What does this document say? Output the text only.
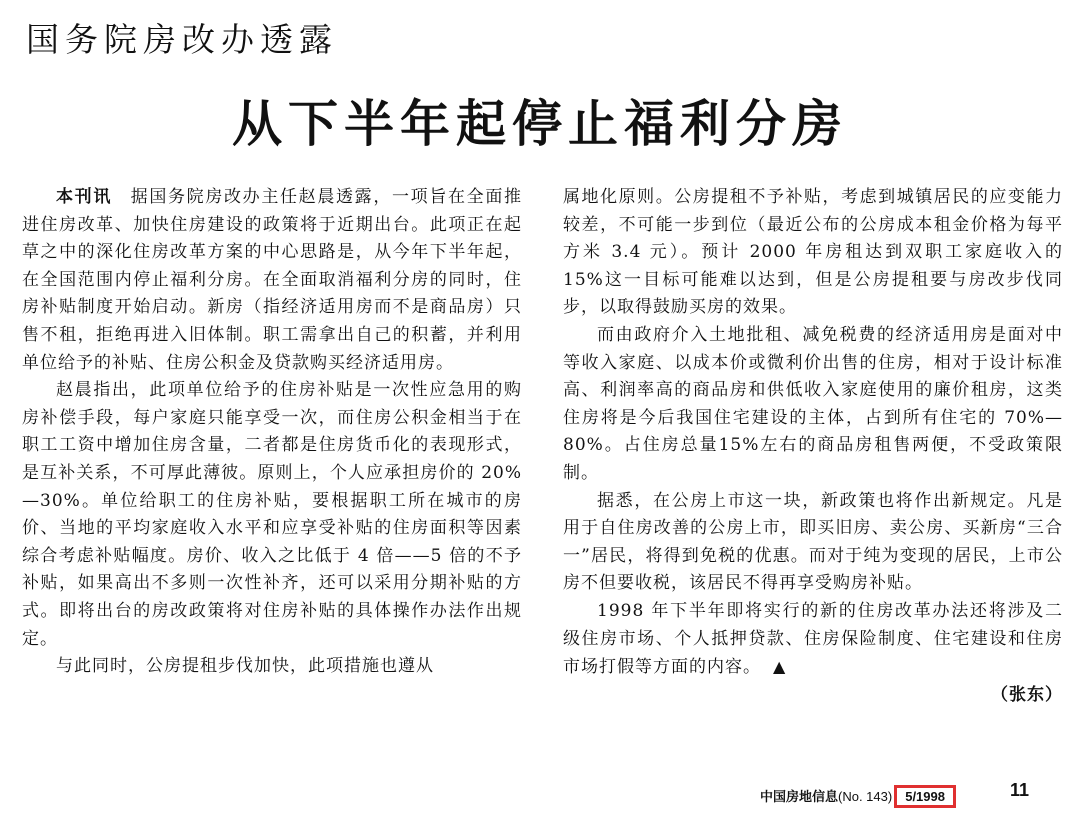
国务院房改办透露
从下半年起停止福利分房

本刊讯　 据国务院房改办主任赵晨透露，一项旨在全面推进住房改革、加快住房建设的政策将于近期出台。此项正在起草之中的深化住房改革方案的中心思路是，从今年下半年起，在全国范围内停止福利分房。在全面取消福利分房的同时，住房补贴制度开始启动。新房（指经济适用房而不是商品房）只售不租，拒绝再进入旧体制。职工需拿出自己的积蓄，并利用单位给予的补贴、住房公积金及贷款购买经济适用房。

赵晨指出，此项单位给予的住房补贴是一次性应急用的购房补偿手段，每户家庭只能享受一次，而住房公积金相当于在职工工资中增加住房含量，二者都是住房货币化的表现形式，是互补关系，不可厚此薄彼。原则上，个人应承担房价的 20%—30%。单位给职工的住房补贴，要根据职工所在城市的房价、当地的平均家庭收入水平和应享受补贴的住房面积等因素综合考虑补贴幅度。房价、收入之比低于 4 倍——5 倍的不予补贴，如果高出不多则一次性补齐，还可以采用分期补贴的方式。即将出台的房改政策将对住房补贴的具体操作办法作出规定。

与此同时，公房提租步伐加快，此项措施也遵从

属地化原则。公房提租不予补贴，考虑到城镇居民的应变能力较差，不可能一步到位（最近公布的公房成本租金价格为每平方米 3.4 元）。预计 2000 年房租达到双职工家庭收入的 15%这一目标可能难以达到，但是公房提租要与房改步伐同步，以取得鼓励买房的效果。

而由政府介入土地批租、减免税费的经济适用房是面对中等收入家庭、以成本价或微利价出售的住房，相对于设计标准高、利润率高的商品房和供低收入家庭使用的廉价租房，这类住房将是今后我国住宅建设的主体，占到所有住宅的 70%—80%。占住房总量15%左右的商品房租售两便，不受政策限制。

据悉，在公房上市这一块，新政策也将作出新规定。凡是用于自住房改善的公房上市，即买旧房、卖公房、买新房“三合一”居民，将得到免税的优惠。而对于纯为变现的居民，上市公房不但要收税，该居民不得再享受购房补贴。

1998 年下半年即将实行的新的住房改革办法还将涉及二级住房市场、个人抵押贷款、住房保险制度、住宅建设和住房市场打假等方面的内容。 ▲

（张东）

中国房地信息(No. 143) 5/1998	11
